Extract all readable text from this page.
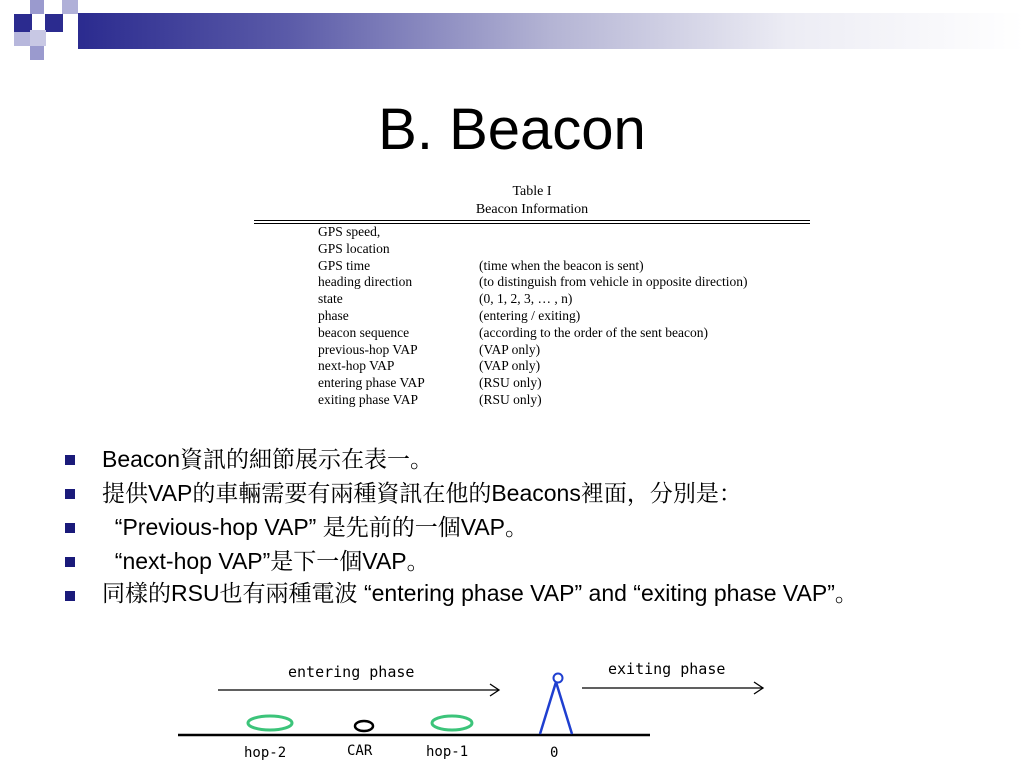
B. Beacon
Table I
Beacon Information
GPS speed,
GPS location
GPS time	(time when the beacon is sent)
heading direction	(to distinguish from vehicle in opposite direction)
state	(0, 1, 2, 3, … , n)
phase	(entering / exiting)
beacon sequence	(according to the order of the sent beacon)
previous-hop VAP	(VAP only)
next-hop VAP	(VAP only)
entering phase VAP	(RSU only)
exiting phase VAP	(RSU only)
Beacon資訊的細節展示在表一。
提供VAP的車輛需要有兩種資訊在他的Beacons裡面，分別是：
“Previous-hop VAP” 是先前的一個VAP。
“next-hop VAP”是下一個VAP。
同樣的RSU也有兩種電波 “entering phase VAP” and “exiting phase VAP”。
entering phase	exiting phase
hop-2	CAR	hop-1	0
